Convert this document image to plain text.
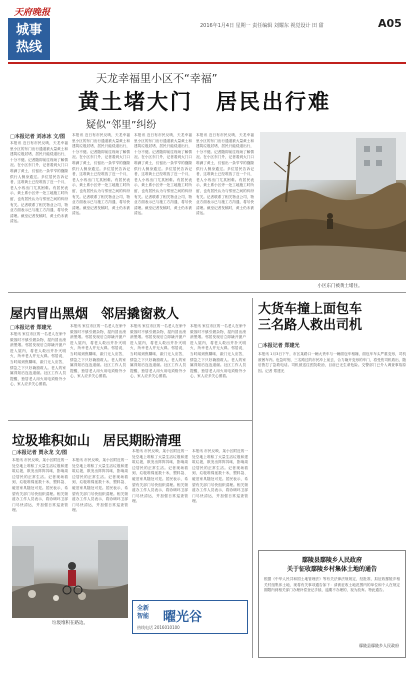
天府晚报
城事
热线
2016年1月4日 星期一 责任编辑 刘耀东 视觉设计 田 甜	A05
天龙幸福里小区不“幸福”
黄土堵大门　居民出行难
疑似“邻里”纠纷
□本报记者 刘冰冰 文/图
本报讯 近日有市民反映，天龙幸福里小区的东门出行通道被大量黄土和建筑垃圾封堵，居民只能绕道出行，十分不便。记者随即前往现场了解情况。在小区东门外，记者看到大门口堆满了黄土，仅留出一条窄窄的缝隙供行人侧身通过。多位居民告诉记者，这堆黄土已经堆放了近一个月，老人小孩出门尤其困难。有居民表示，黄土系小区旁一处工地施工时所留，也有居民认为与邻里之间的纠纷有关。记者联系了相关物业公司，物业方面表示已与施工方沟通，将尽快清理。截至记者发稿时，黄土仍未被清运。
本报讯 近日有市民反映，天龙幸福里小区的东门出行通道被大量黄土和建筑垃圾封堵，居民只能绕道出行，十分不便。记者随即前往现场了解情况。在小区东门外，记者看到大门口堆满了黄土，仅留出一条窄窄的缝隙供行人侧身通过。多位居民告诉记者，这堆黄土已经堆放了近一个月，老人小孩出门尤其困难。有居民表示，黄土系小区旁一处工地施工时所留，也有居民认为与邻里之间的纠纷有关。记者联系了相关物业公司，物业方面表示已与施工方沟通，将尽快清理。截至记者发稿时，黄土仍未被清运。
本报讯 近日有市民反映，天龙幸福里小区的东门出行通道被大量黄土和建筑垃圾封堵，居民只能绕道出行，十分不便。记者随即前往现场了解情况。在小区东门外，记者看到大门口堆满了黄土，仅留出一条窄窄的缝隙供行人侧身通过。多位居民告诉记者，这堆黄土已经堆放了近一个月，老人小孩出门尤其困难。有居民表示，黄土系小区旁一处工地施工时所留，也有居民认为与邻里之间的纠纷有关。记者联系了相关物业公司，物业方面表示已与施工方沟通，将尽快清理。截至记者发稿时，黄土仍未被清运。
本报讯 近日有市民反映，天龙幸福里小区的东门出行通道被大量黄土和建筑垃圾封堵，居民只能绕道出行，十分不便。记者随即前往现场了解情况。在小区东门外，记者看到大门口堆满了黄土，仅留出一条窄窄的缝隙供行人侧身通过。多位居民告诉记者，这堆黄土已经堆放了近一个月，老人小孩出门尤其困难。有居民表示，黄土系小区旁一处工地施工时所留，也有居民认为与邻里之间的纠纷有关。记者联系了相关物业公司，物业方面表示已与施工方沟通，将尽快清理。截至记者发稿时，黄土仍未被清运。
小区东门被黄土堵住。
屋内冒出黑烟　邻居撬窗救人
□本报记者 郑建光
本报讯 家住市区的一名老人在家中做饭时不慎引燃杂物，屋内冒出滚滚黑烟。邻居发现后立即撬开窗户进入屋内，将老人救出并扑灭明火，所幸老人并无大碍。邻居说，当时闻到焦糊味，敲门无人应答，情急之下只好撬窗救人。老人的家属得知后连连道谢。社区工作人员提醒，独居老人用火用电须格外小心，家人应多关心照看。
本报讯 家住市区的一名老人在家中做饭时不慎引燃杂物，屋内冒出滚滚黑烟。邻居发现后立即撬开窗户进入屋内，将老人救出并扑灭明火，所幸老人并无大碍。邻居说，当时闻到焦糊味，敲门无人应答，情急之下只好撬窗救人。老人的家属得知后连连道谢。社区工作人员提醒，独居老人用火用电须格外小心，家人应多关心照看。
本报讯 家住市区的一名老人在家中做饭时不慎引燃杂物，屋内冒出滚滚黑烟。邻居发现后立即撬开窗户进入屋内，将老人救出并扑灭明火，所幸老人并无大碍。邻居说，当时闻到焦糊味，敲门无人应答，情急之下只好撬窗救人。老人的家属得知后连连道谢。社区工作人员提醒，独居老人用火用电须格外小心，家人应多关心照看。
本报讯 家住市区的一名老人在家中做饭时不慎引燃杂物，屋内冒出滚滚黑烟。邻居发现后立即撬开窗户进入屋内，将老人救出并扑灭明火，所幸老人并无大碍。邻居说，当时闻到焦糊味，敲门无人应答，情急之下只好撬窗救人。老人的家属得知后连连道谢。社区工作人员提醒，独居老人用火用电须格外小心，家人应多关心照看。
大货车撞上面包车
三名路人救出司机
□本报记者 郑建光
本报讯 1月3日下午，市区某路口一辆大货车与一辆面包车相撞，面包车车头严重变形，司机被困车内。危急时刻，三名路过的市民冲上前去，合力撬开变形的车门，将受伤司机救出，随后拨打了急救电话。司机被送往医院救治，目前已无生命危险。交警部门已介入调查事故原因。记者 郑建光
垃圾堆积如山　居民期盼清理
□本报记者 贾永龙 文/图
本报讯 市民反映，某小区附近的一处空地上堆积了大量生活垃圾和建筑垃圾，散发出阵阵异味，影响周边居民的正常生活。记者现场看到，垃圾堆绵延数十米，塑料袋、破旧家具随处可见。居民表示，希望有关部门尽快组织清理。相关街道办工作人员表示，将协调环卫部门尽快清运，并加强日常巡查管理。
本报讯 市民反映，某小区附近的一处空地上堆积了大量生活垃圾和建筑垃圾，散发出阵阵异味，影响周边居民的正常生活。记者现场看到，垃圾堆绵延数十米，塑料袋、破旧家具随处可见。居民表示，希望有关部门尽快组织清理。相关街道办工作人员表示，将协调环卫部门尽快清运，并加强日常巡查管理。
本报讯 市民反映，某小区附近的一处空地上堆积了大量生活垃圾和建筑垃圾，散发出阵阵异味，影响周边居民的正常生活。记者现场看到，垃圾堆绵延数十米，塑料袋、破旧家具随处可见。居民表示，希望有关部门尽快组织清理。相关街道办工作人员表示，将协调环卫部门尽快清运，并加强日常巡查管理。
本报讯 市民反映，某小区附近的一处空地上堆积了大量生活垃圾和建筑垃圾，散发出阵阵异味，影响周边居民的正常生活。记者现场看到，垃圾堆绵延数十米，塑料袋、破旧家具随处可见。居民表示，希望有关部门尽快组织清理。相关街道办工作人员表示，将协调环卫部门尽快清运，并加强日常巡查管理。
垃圾堆积在路边。
全新
智能 曜光谷
热线电话 2016010100
鄢陵县鄢陵乡人民政府
关于征收鄢陵乡村集体土地的通告
根据《中华人民共和国土地管理法》等有关法律法规规定，经批准，拟征收鄢陵乡相关村组集体土地，现将有关事项通告如下：请被征收土地范围内的单位和个人在规定期限内到相关部门办理补偿登记手续，逾期不办理的，视为放弃。特此通告。
鄢陵县鄢陵乡人民政府
